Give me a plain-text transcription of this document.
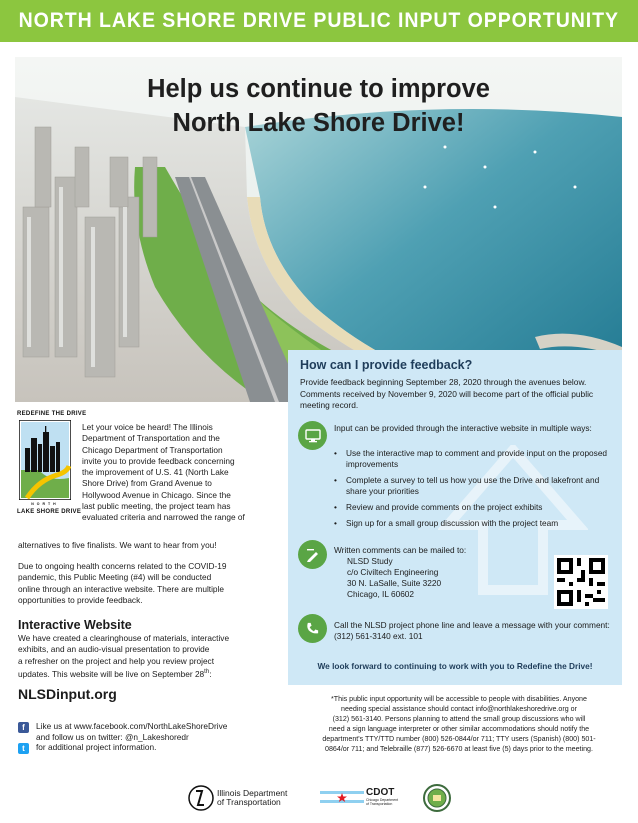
NORTH LAKE SHORE DRIVE PUBLIC INPUT OPPORTUNITY
Help us continue to improve
North Lake Shore Drive!
How can I provide feedback?
Provide feedback beginning September 28, 2020 through the avenues below. Comments received by November 9, 2020 will become part of the official public meeting record.
Input can be provided through the interactive website in multiple ways:
• Use the interactive map to comment and provide input on the proposed improvements
• Complete a survey to tell us how you use the Drive and lakefront and share your priorities
• Review and provide comments on the project exhibits
• Sign up for a small group discussion with the project team
Written comments can be mailed to:
NLSD Study
c/o Civiltech Engineering
30 N. LaSalle, Suite 3220
Chicago, IL 60602
Call the NLSD project phone line and leave a message with your comment: (312) 561-3140 ext. 101
We look forward to continuing to work with you to Redefine the Drive!
REDEFINE THE DRIVE
NORTH
LAKE SHORE DRIVE
Let your voice be heard! The Illinois
Department of Transportation and the
Chicago Department of Transportation
invite you to provide feedback concerning
the improvement of U.S. 41 (North Lake
Shore Drive) from Grand Avenue to
Hollywood Avenue in Chicago. Since the
last public meeting, the project team has
evaluated criteria and narrowed the range of
alternatives to five finalists. We want to hear from you!
Due to ongoing health concerns related to the COVID-19
pandemic, this Public Meeting (#4) will be conducted
online through an interactive website. There are multiple
opportunities to provide feedback.
Interactive Website
We have created a clearinghouse of materials, interactive
exhibits, and an audio-visual presentation to provide
a refresher on the project and help you review project
updates. This website will be live on September 28th:
NLSDinput.org
f
t
Like us at www.facebook.com/NorthLakeShoreDrive
and follow us on twitter: @n_Lakeshoredr
for additional project information.
*This public input opportunity will be accessible to people with disabilities. Anyone
needing special assistance should contact info@northlakeshoredrive.org or
(312) 561-3140. Persons planning to attend the small group discussions who will
need a sign language interpreter or other similar accommodations should notify the
department's TTY/TTD number (800) 526-0844/or 711; TTY users (Spanish) (800) 501-
0864/or 711; and Telebraille (877) 526-6670 at least five (5) days prior to the meeting.
Illinois Department
of Transportation
CDOT
Chicago Department
of Transportation
